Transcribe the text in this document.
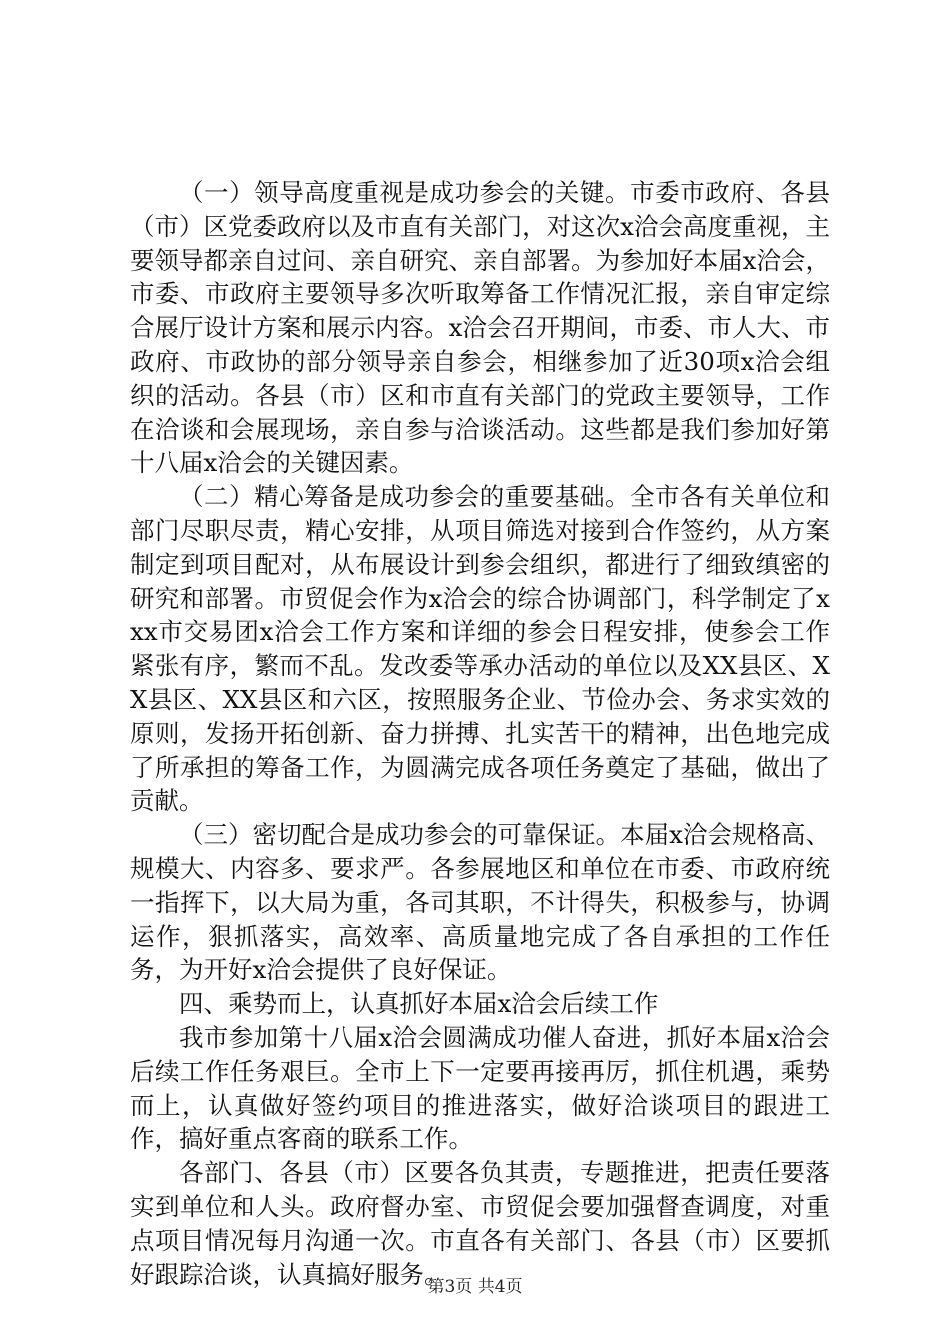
（一）领导高度重视是成功参会的关键。市委市政府、各县（市）区党委政府以及市直有关部门，对这次x洽会高度重视，主要领导都亲自过问、亲自研究、亲自部署。为参加好本届x洽会，市委、市政府主要领导多次听取筹备工作情况汇报，亲自审定综合展厅设计方案和展示内容。x洽会召开期间，市委、市人大、市政府、市政协的部分领导亲自参会，相继参加了近30项x洽会组织的活动。各县（市）区和市直有关部门的党政主要领导，工作在洽谈和会展现场，亲自参与洽谈活动。这些都是我们参加好第十八届x洽会的关键因素。

（二）精心筹备是成功参会的重要基础。全市各有关单位和部门尽职尽责，精心安排，从项目筛选对接到合作签约，从方案制定到项目配对，从布展设计到参会组织，都进行了细致缜密的研究和部署。市贸促会作为x洽会的综合协调部门，科学制定了xxx市交易团x洽会工作方案和详细的参会日程安排，使参会工作紧张有序，繁而不乱。发改委等承办活动的单位以及XX县区、XX县区、XX县区和六区，按照服务企业、节俭办会、务求实效的原则，发扬开拓创新、奋力拼搏、扎实苦干的精神，出色地完成了所承担的筹备工作，为圆满完成各项任务奠定了基础，做出了贡献。

（三）密切配合是成功参会的可靠保证。本届x洽会规格高、规模大、内容多、要求严。各参展地区和单位在市委、市政府统一指挥下，以大局为重，各司其职，不计得失，积极参与，协调运作，狠抓落实，高效率、高质量地完成了各自承担的工作任务，为开好x洽会提供了良好保证。

四、乘势而上，认真抓好本届x洽会后续工作

我市参加第十八届x洽会圆满成功催人奋进，抓好本届x洽会后续工作任务艰巨。全市上下一定要再接再厉，抓住机遇，乘势而上，认真做好签约项目的推进落实，做好洽谈项目的跟进工作，搞好重点客商的联系工作。

各部门、各县（市）区要各负其责，专题推进，把责任要落实到单位和人头。政府督办室、市贸促会要加强督查调度，对重点项目情况每月沟通一次。市直各有关部门、各县（市）区要抓好跟踪洽谈，认真搞好服务。

第3页 共4页
